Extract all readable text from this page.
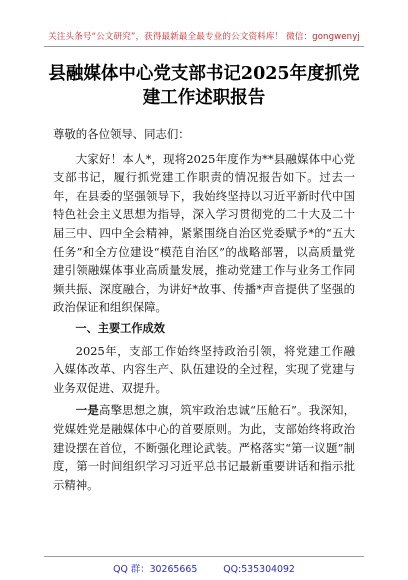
关注头条号“公文研究”，获得最新最全最专业的公文资料库！ 微信：gongwenyj
县融媒体中心党支部书记2025年度抓党
建工作述职报告

尊敬的各位领导、同志们：

大家好！本人*，现将2025年度作为**县融媒体中心党支部书记，履行抓党建工作职责的情况报告如下。过去一年，在县委的坚强领导下，我始终坚持以习近平新时代中国特色社会主义思想为指导，深入学习贯彻党的二十大及二十届三中、四中全会精神，紧紧围绕自治区党委赋予*的“五大任务”和全方位建设“模范自治区”的战略部署，以高质量党建引领融媒体事业高质量发展，推动党建工作与业务工作同频共振、深度融合，为讲好*故事、传播*声音提供了坚强的政治保证和组织保障。

一、主要工作成效

2025年，支部工作始终坚持政治引领，将党建工作融入媒体改革、内容生产、队伍建设的全过程，实现了党建与业务双促进、双提升。

一是高擎思想之旗，筑牢政治忠诚“压舱石”。我深知，党媒姓党是融媒体中心的首要原则。为此，支部始终将政治建设摆在首位，不断强化理论武装。严格落实“第一议题”制度，第一时间组织学习习近平总书记最新重要讲话和指示批示精神。

QQ 群：30265665	QQ:535304092
